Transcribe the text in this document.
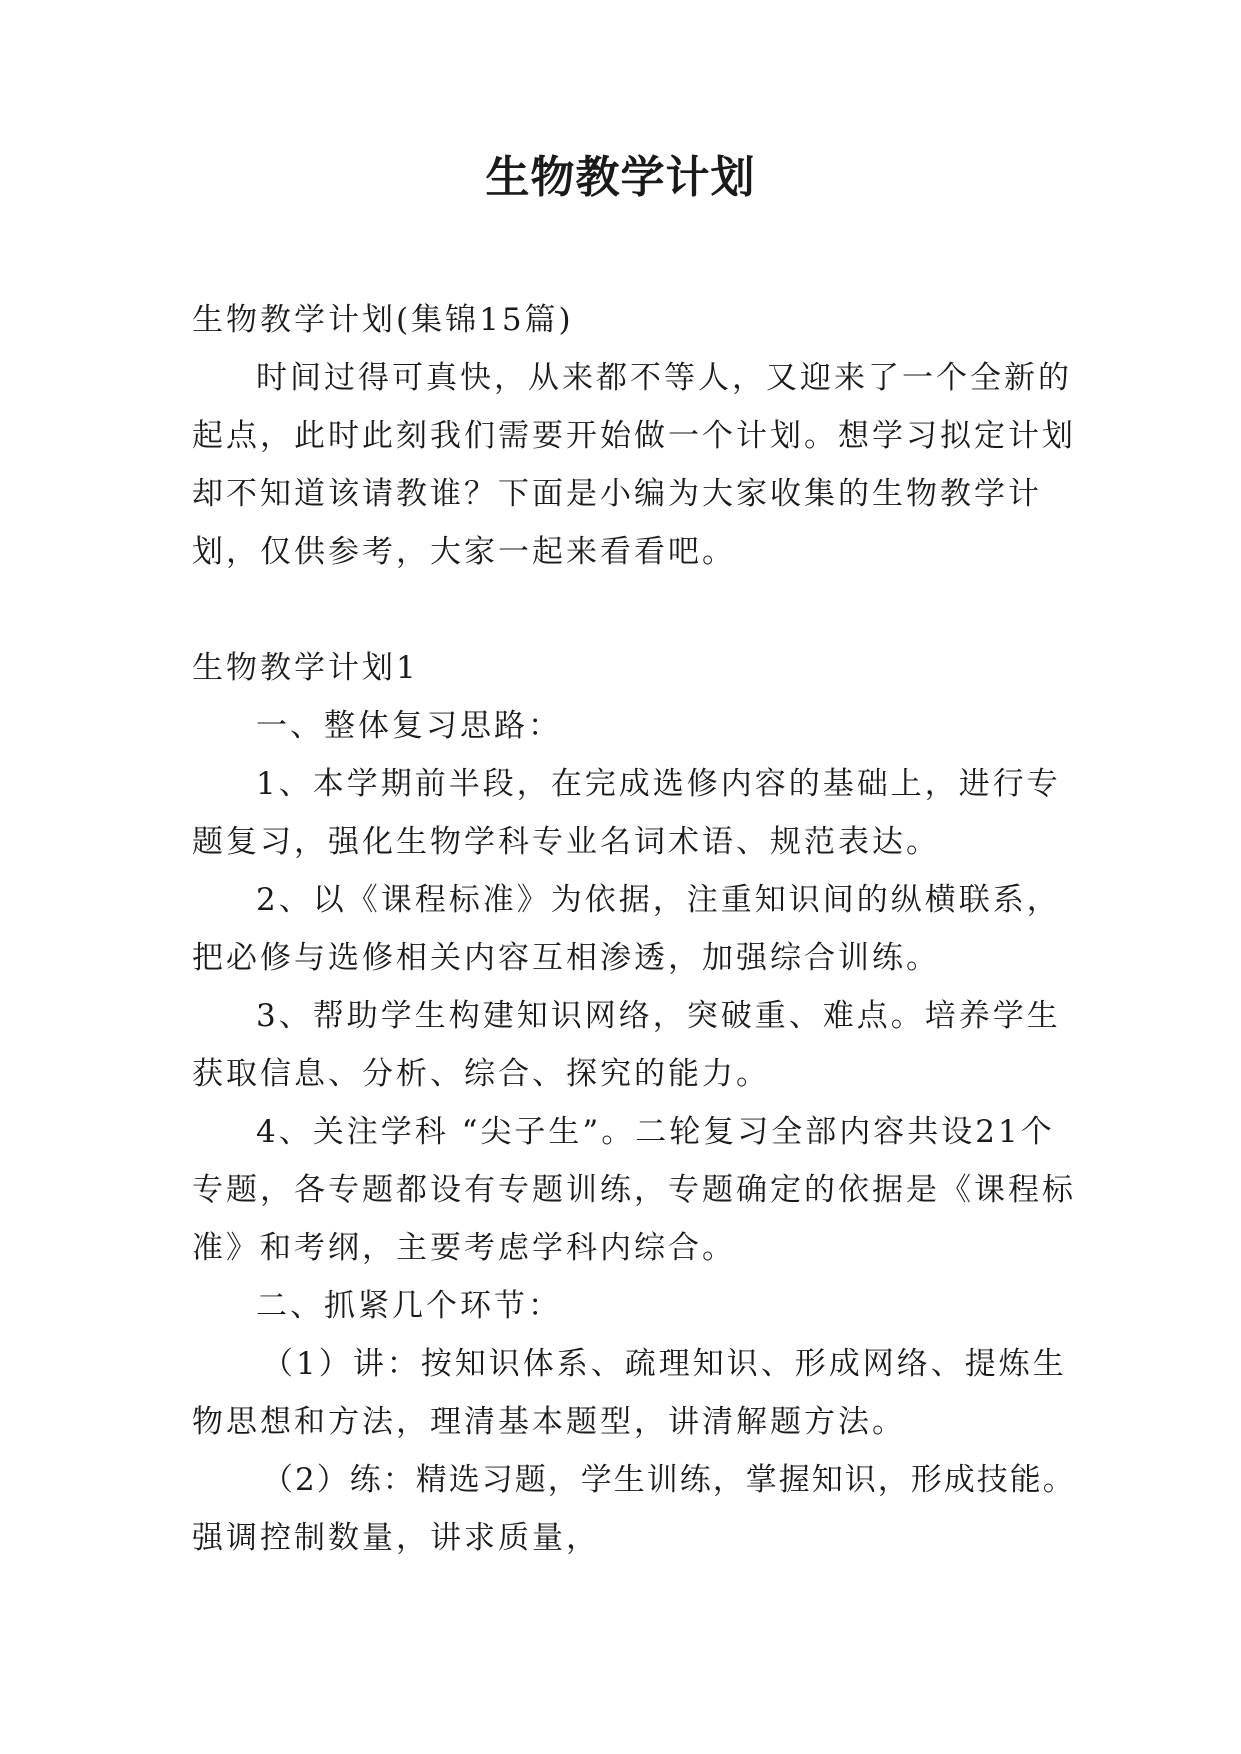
生物教学计划

生物教学计划(集锦15篇)

时间过得可真快，从来都不等人，又迎来了一个全新的

起点，此时此刻我们需要开始做一个计划。想学习拟定计划

却不知道该请教谁？下面是小编为大家收集的生物教学计

划，仅供参考，大家一起来看看吧。

生物教学计划1

一、整体复习思路：

1、本学期前半段，在完成选修内容的基础上，进行专

题复习，强化生物学科专业名词术语、规范表达。

2、以《课程标准》为依据，注重知识间的纵横联系，

把必修与选修相关内容互相渗透，加强综合训练。

3、帮助学生构建知识网络，突破重、难点。培养学生

获取信息、分析、综合、探究的能力。

4、关注学科 “尖子生”。二轮复习全部内容共设21个

专题，各专题都设有专题训练，专题确定的依据是《课程标

准》和考纲，主要考虑学科内综合。

二、抓紧几个环节：

（1）讲：按知识体系、疏理知识、形成网络、提炼生

物思想和方法，理清基本题型，讲清解题方法。

（2）练：精选习题，学生训练，掌握知识，形成技能。

强调控制数量，讲求质量，
